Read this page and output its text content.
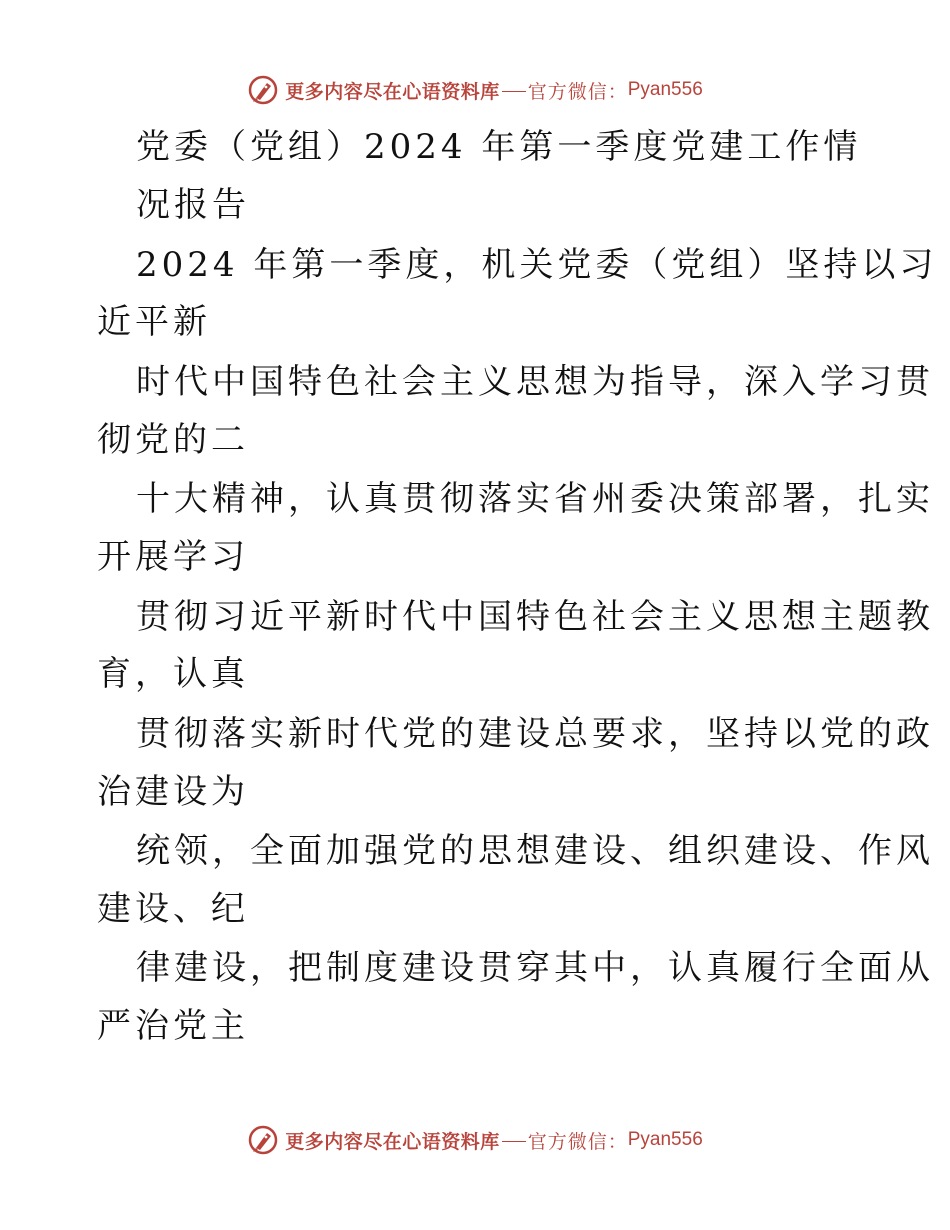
更多内容尽在心语资料库 官方微信： Pyan556
党委（党组）2024 年第一季度党建工作情
况报告
2024 年第一季度，机关党委（党组）坚持以习
近平新
时代中国特色社会主义思想为指导，深入学习贯
彻党的二
十大精神，认真贯彻落实省州委决策部署，扎实
开展学习
贯彻习近平新时代中国特色社会主义思想主题教
育，认真
贯彻落实新时代党的建设总要求，坚持以党的政
治建设为
统领，全面加强党的思想建设、组织建设、作风
建设、纪
律建设，把制度建设贯穿其中，认真履行全面从
严治党主
更多内容尽在心语资料库 官方微信： Pyan556
